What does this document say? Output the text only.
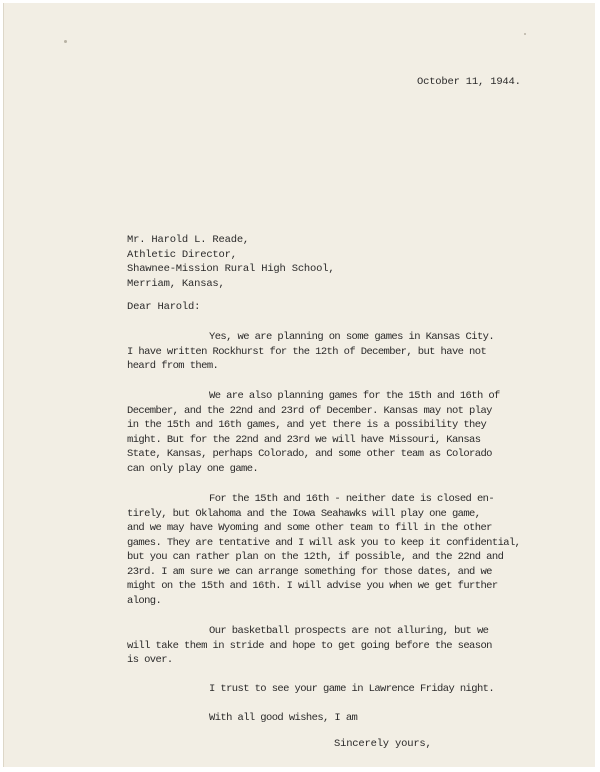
October 11, 1944.

Mr. Harold L. Reade,

Athletic Director,

Shawnee-Mission Rural High School,

Merriam, Kansas,

Dear Harold:

Yes, we are planning on some games in Kansas City.

I have written Rockhurst for the 12th of December, but have not

heard from them.

We are also planning games for the 15th and 16th of

December, and the 22nd and 23rd of December. Kansas may not play

in the 15th and 16th games, and yet there is a possibility they

might. But for the 22nd and 23rd we will have Missouri, Kansas

State, Kansas, perhaps Colorado, and some other team as Colorado

can only play one game.

For the 15th and 16th - neither date is closed en-

tirely, but Oklahoma and the Iowa Seahawks will play one game,

and we may have Wyoming and some other team to fill in the other

games. They are tentative and I will ask you to keep it confidential,

but you can rather plan on the 12th, if possible, and the 22nd and

23rd. I am sure we can arrange something for those dates, and we

might on the 15th and 16th. I will advise you when we get further

along.

Our basketball prospects are not alluring, but we

will take them in stride and hope to get going before the season

is over.

I trust to see your game in Lawrence Friday night.

With all good wishes, I am

Sincerely yours,
